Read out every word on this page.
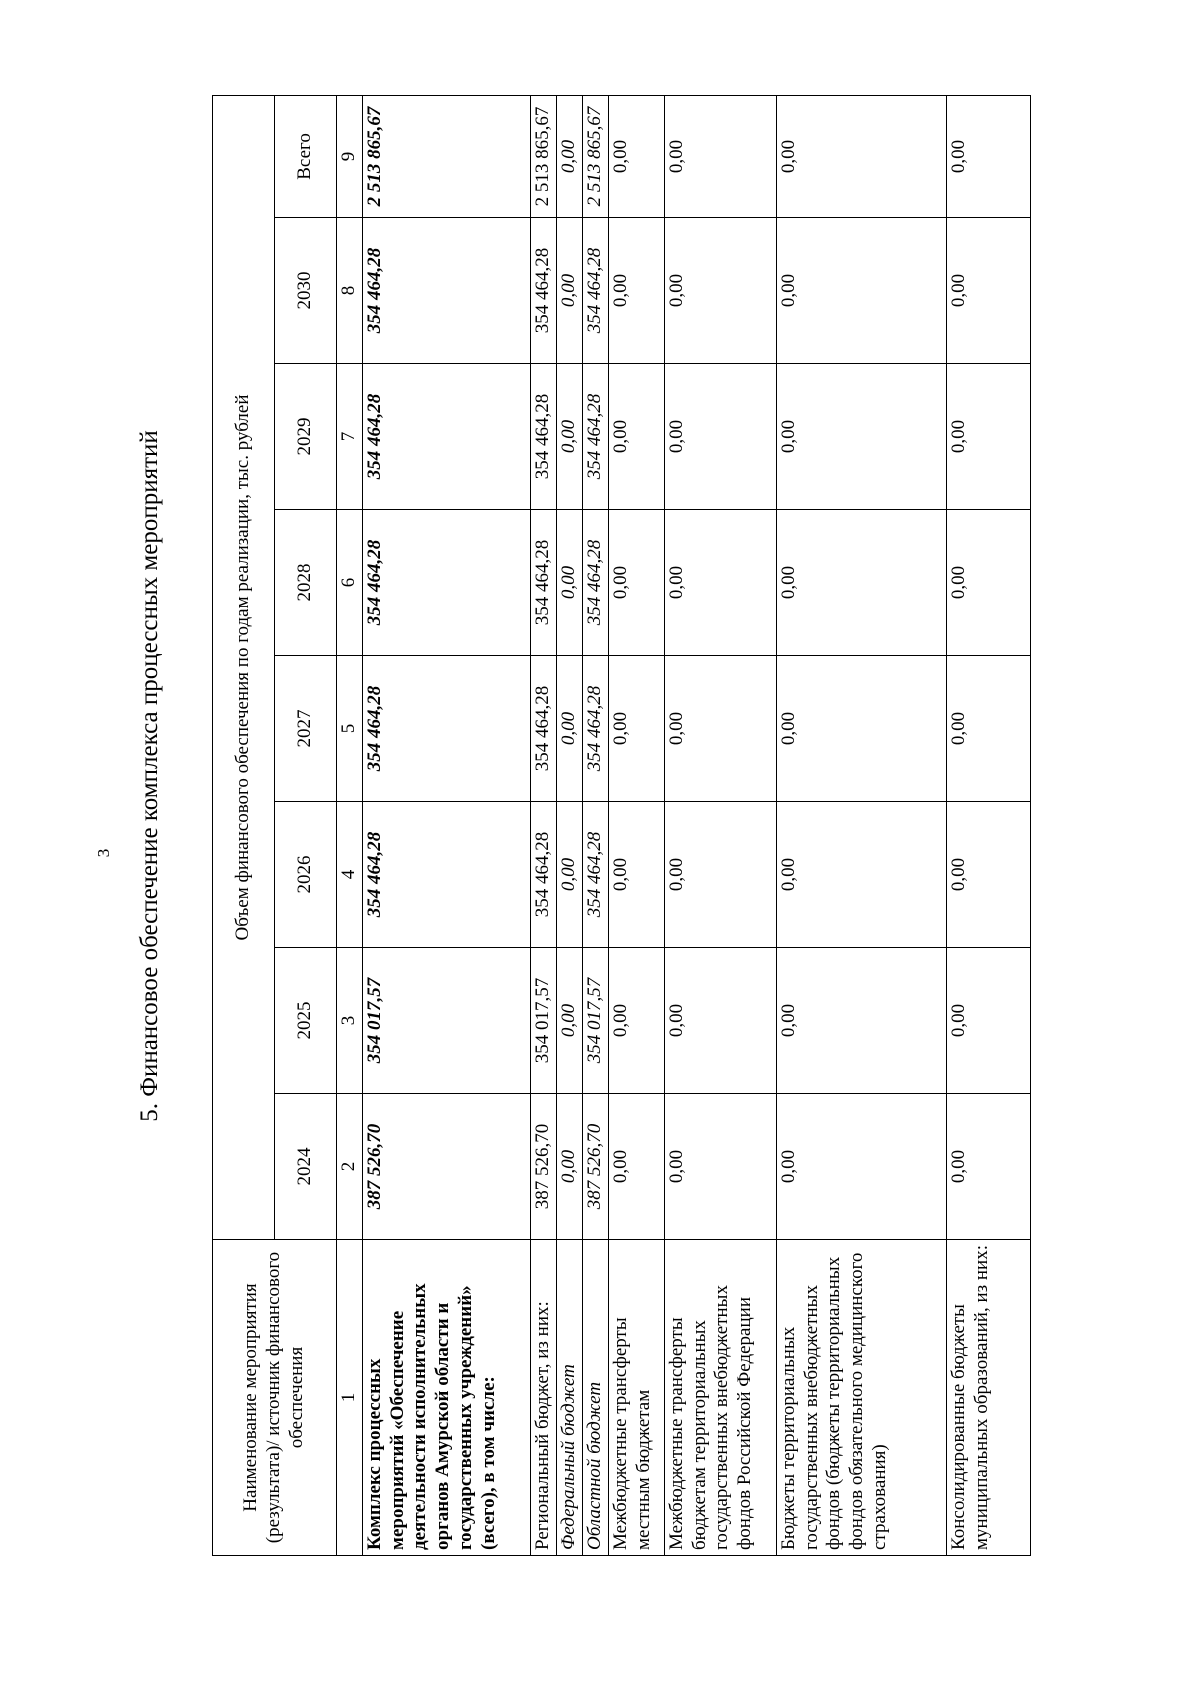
3 5. Финансовое обеспечение комплекса процессных мероприятий
Наименование мероприятия (результата)/ источник финансового обеспечения	Объем финансового обеспечения по годам реализации, тыс. рублей							
	2024	2025	2026	2027	2028	2029	2030	Всего
1	2	3	4	5	6	7	8	9
Комплекс процессных мероприятий «Обеспечение деятельности исполнительных органов Амурской области и государственных учреждений» (всего), в том числе:	387 526,70	354 017,57	354 464,28	354 464,28	354 464,28	354 464,28	354 464,28	2 513 865,67
Региональный бюджет, из них:	387 526,70	354 017,57	354 464,28	354 464,28	354 464,28	354 464,28	354 464,28	2 513 865,67
Федеральный бюджет	0,00	0,00	0,00	0,00	0,00	0,00	0,00	0,00
Областной бюджет	387 526,70	354 017,57	354 464,28	354 464,28	354 464,28	354 464,28	354 464,28	2 513 865,67
Межбюджетные трансферты местным бюджетам	0,00	0,00	0,00	0,00	0,00	0,00	0,00	0,00
Межбюджетные трансферты бюджетам территориальных государственных внебюджетных фондов Российской Федерации	0,00	0,00	0,00	0,00	0,00	0,00	0,00	0,00
Бюджеты территориальных государственных внебюджетных фондов (бюджеты территориальных фондов обязательного медицинского страхования)	0,00	0,00	0,00	0,00	0,00	0,00	0,00	0,00
Консолидированные бюджеты муниципальных образований, из них:	0,00	0,00	0,00	0,00	0,00	0,00	0,00	0,00
